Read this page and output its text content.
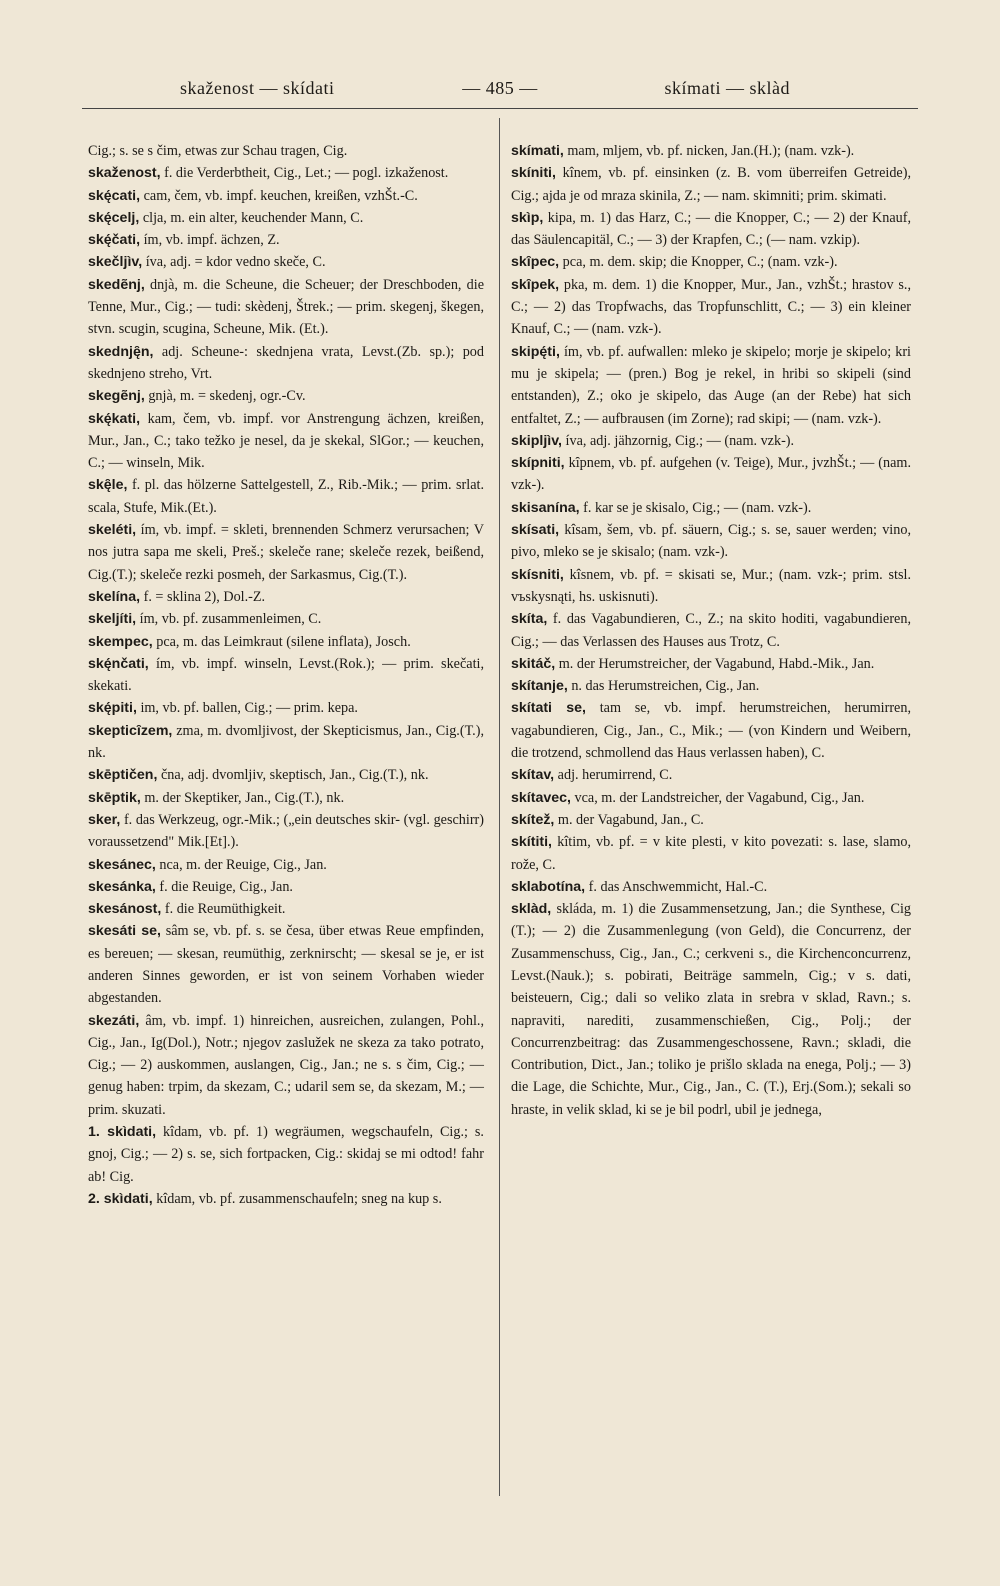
skaženost — skídati	— 485 —	skímati — sklàd

Cig.; s. se s čim, etwas zur Schau tragen, Cig.

skaženost, f. die Verderbtheit, Cig., Let.; — pogl. izkaženost.

skę́cati, cam, čem, vb. impf. keuchen, kreißen, vzhŠt.-C.

skę́celj, clja, m. ein alter, keuchender Mann, C.

skę́čati, ím, vb. impf. ächzen, Z.

skečljìv, íva, adj. = kdor vedno skeče, C.

skedẽnj, dnjà, m. die Scheune, die Scheuer; der Dreschboden, die Tenne, Mur., Cig.; — tudi: skèdenj, Štrek.; — prim. skegenj, škegen, stvn. scugin, scugina, Scheune, Mik. (Et.).

skednję̑n, adj. Scheune-: skednjena vrata, Levst.(Zb. sp.); pod skednjeno streho, Vrt.

skegẽnj, gnjà, m. = skedenj, ogr.-Cv.

skę́kati, kam, čem, vb. impf. vor Anstrengung ächzen, kreißen, Mur., Jan., C.; tako težko je nesel, da je skekal, SlGor.; — keuchen, C.; — winseln, Mik.

skę̑le, f. pl. das hölzerne Sattelgestell, Z., Rib.-Mik.; — prim. srlat. scala, Stufe, Mik.(Et.).

skeléti, ím, vb. impf. = skleti, brennenden Schmerz verursachen; V nos jutra sapa me skeli, Preš.; skeleče rane; skeleče rezek, beißend, Cig.(T.); skeleče rezki posmeh, der Sarkasmus, Cig.(T.).

skelína, f. = sklina 2), Dol.-Z.

skeljíti, ím, vb. pf. zusammenleimen, C.

skempec, pca, m. das Leimkraut (silene inflata), Josch.

skę́nčati, ím, vb. impf. winseln, Levst.(Rok.); — prim. skečati, skekati.

skę́piti, im, vb. pf. ballen, Cig.; — prim. kepa.

skepticȋzem, zma, m. dvomljivost, der Skepticismus, Jan., Cig.(T.), nk.

skēptičen, čna, adj. dvomljiv, skeptisch, Jan., Cig.(T.), nk.

skēptik, m. der Skeptiker, Jan., Cig.(T.), nk.

sker, f. das Werkzeug, ogr.-Mik.; („ein deutsches skir- (vgl. geschirr) voraussetzend" Mik.[Et].).

skesánec, nca, m. der Reuige, Cig., Jan.

skesánka, f. die Reuige, Cig., Jan.

skesánost, f. die Reumüthigkeit.

skesáti se, sâm se, vb. pf. s. se česa, über etwas Reue empfinden, es bereuen; — skesan, reumüthig, zerknirscht; — skesal se je, er ist anderen Sinnes geworden, er ist von seinem Vorhaben wieder abgestanden.

skezáti, âm, vb. impf. 1) hinreichen, ausreichen, zulangen, Pohl., Cig., Jan., Ig(Dol.), Notr.; njegov zaslužek ne skeza za tako potrato, Cig.; — 2) auskommen, auslangen, Cig., Jan.; ne s. s čim, Cig.; — genug haben: trpim, da skezam, C.; udaril sem se, da skezam, M.; — prim. skuzati.

1. skìdati, kîdam, vb. pf. 1) wegräumen, wegschaufeln, Cig.; s. gnoj, Cig.; — 2) s. se, sich fortpacken, Cig.: skidaj se mi odtod! fahr ab! Cig.

2. skìdati, kîdam, vb. pf. zusammenschaufeln; sneg na kup s.

skímati, mam, mljem, vb. pf. nicken, Jan.(H.); (nam. vzk-).

skíniti, kînem, vb. pf. einsinken (z. B. vom überreifen Getreide), Cig.; ajda je od mraza skinila, Z.; — nam. skimniti; prim. skimati.

skìp, kipa, m. 1) das Harz, C.; — die Knopper, C.; — 2) der Knauf, das Säulencapitäl, C.; — 3) der Krapfen, C.; (— nam. vzkip).

skȋpec, pca, m. dem. skip; die Knopper, C.; (nam. vzk-).

skȋpek, pka, m. dem. 1) die Knopper, Mur., Jan., vzhŠt.; hrastov s., C.; — 2) das Tropfwachs, das Tropfunschlitt, C.; — 3) ein kleiner Knauf, C.; — (nam. vzk-).

skipę́ti, ím, vb. pf. aufwallen: mleko je skipelo; morje je skipelo; kri mu je skipela; — (pren.) Bog je rekel, in hribi so skipeli (sind entstanden), Z.; oko je skipelo, das Auge (an der Rebe) hat sich entfaltet, Z.; — aufbrausen (im Zorne); rad skipi; — (nam. vzk-).

skipljìv, íva, adj. jähzornig, Cig.; — (nam. vzk-).

skípniti, kȋpnem, vb. pf. aufgehen (v. Teige), Mur., jvzhŠt.; — (nam. vzk-).

skisanína, f. kar se je skisalo, Cig.; — (nam. vzk-).

skísati, kîsam, šem, vb. pf. säuern, Cig.; s. se, sauer werden; vino, pivo, mleko se je skisalo; (nam. vzk-).

skísniti, kîsnem, vb. pf. = skisati se, Mur.; (nam. vzk-; prim. stsl. vъskysnąti, hs. uskisnuti).

skíta, f. das Vagabundieren, C., Z.; na skito hoditi, vagabundieren, Cig.; — das Verlassen des Hauses aus Trotz, C.

skitáč, m. der Herumstreicher, der Vagabund, Habd.-Mik., Jan.

skítanje, n. das Herumstreichen, Cig., Jan.

skítati se, tam se, vb. impf. herumstreichen, herumirren, vagabundieren, Cig., Jan., C., Mik.; — (von Kindern und Weibern, die trotzend, schmollend das Haus verlassen haben), C.

skítav, adj. herumirrend, C.

skítavec, vca, m. der Landstreicher, der Vagabund, Cig., Jan.

skítež, m. der Vagabund, Jan., C.

skítiti, kîtim, vb. pf. = v kite plesti, v kito povezati: s. lase, slamo, rože, C.

sklabotína, f. das Anschwemmicht, Hal.-C.

sklàd, skláda, m. 1) die Zusammensetzung, Jan.; die Synthese, Cig (T.); — 2) die Zusammenlegung (von Geld), die Concurrenz, der Zusammenschuss, Cig., Jan., C.; cerkveni s., die Kirchenconcurrenz, Levst.(Nauk.); s. pobirati, Beiträge sammeln, Cig.; v s. dati, beisteuern, Cig.; dali so veliko zlata in srebra v sklad, Ravn.; s. napraviti, narediti, zusammenschießen, Cig., Polj.; der Concurrenzbeitrag: das Zusammengeschossene, Ravn.; skladi, die Contribution, Dict., Jan.; toliko je prišlo sklada na enega, Polj.; — 3) die Lage, die Schichte, Mur., Cig., Jan., C. (T.), Erj.(Som.); sekali so hraste, in velik sklad, ki se je bil podrl, ubil je jednega,
